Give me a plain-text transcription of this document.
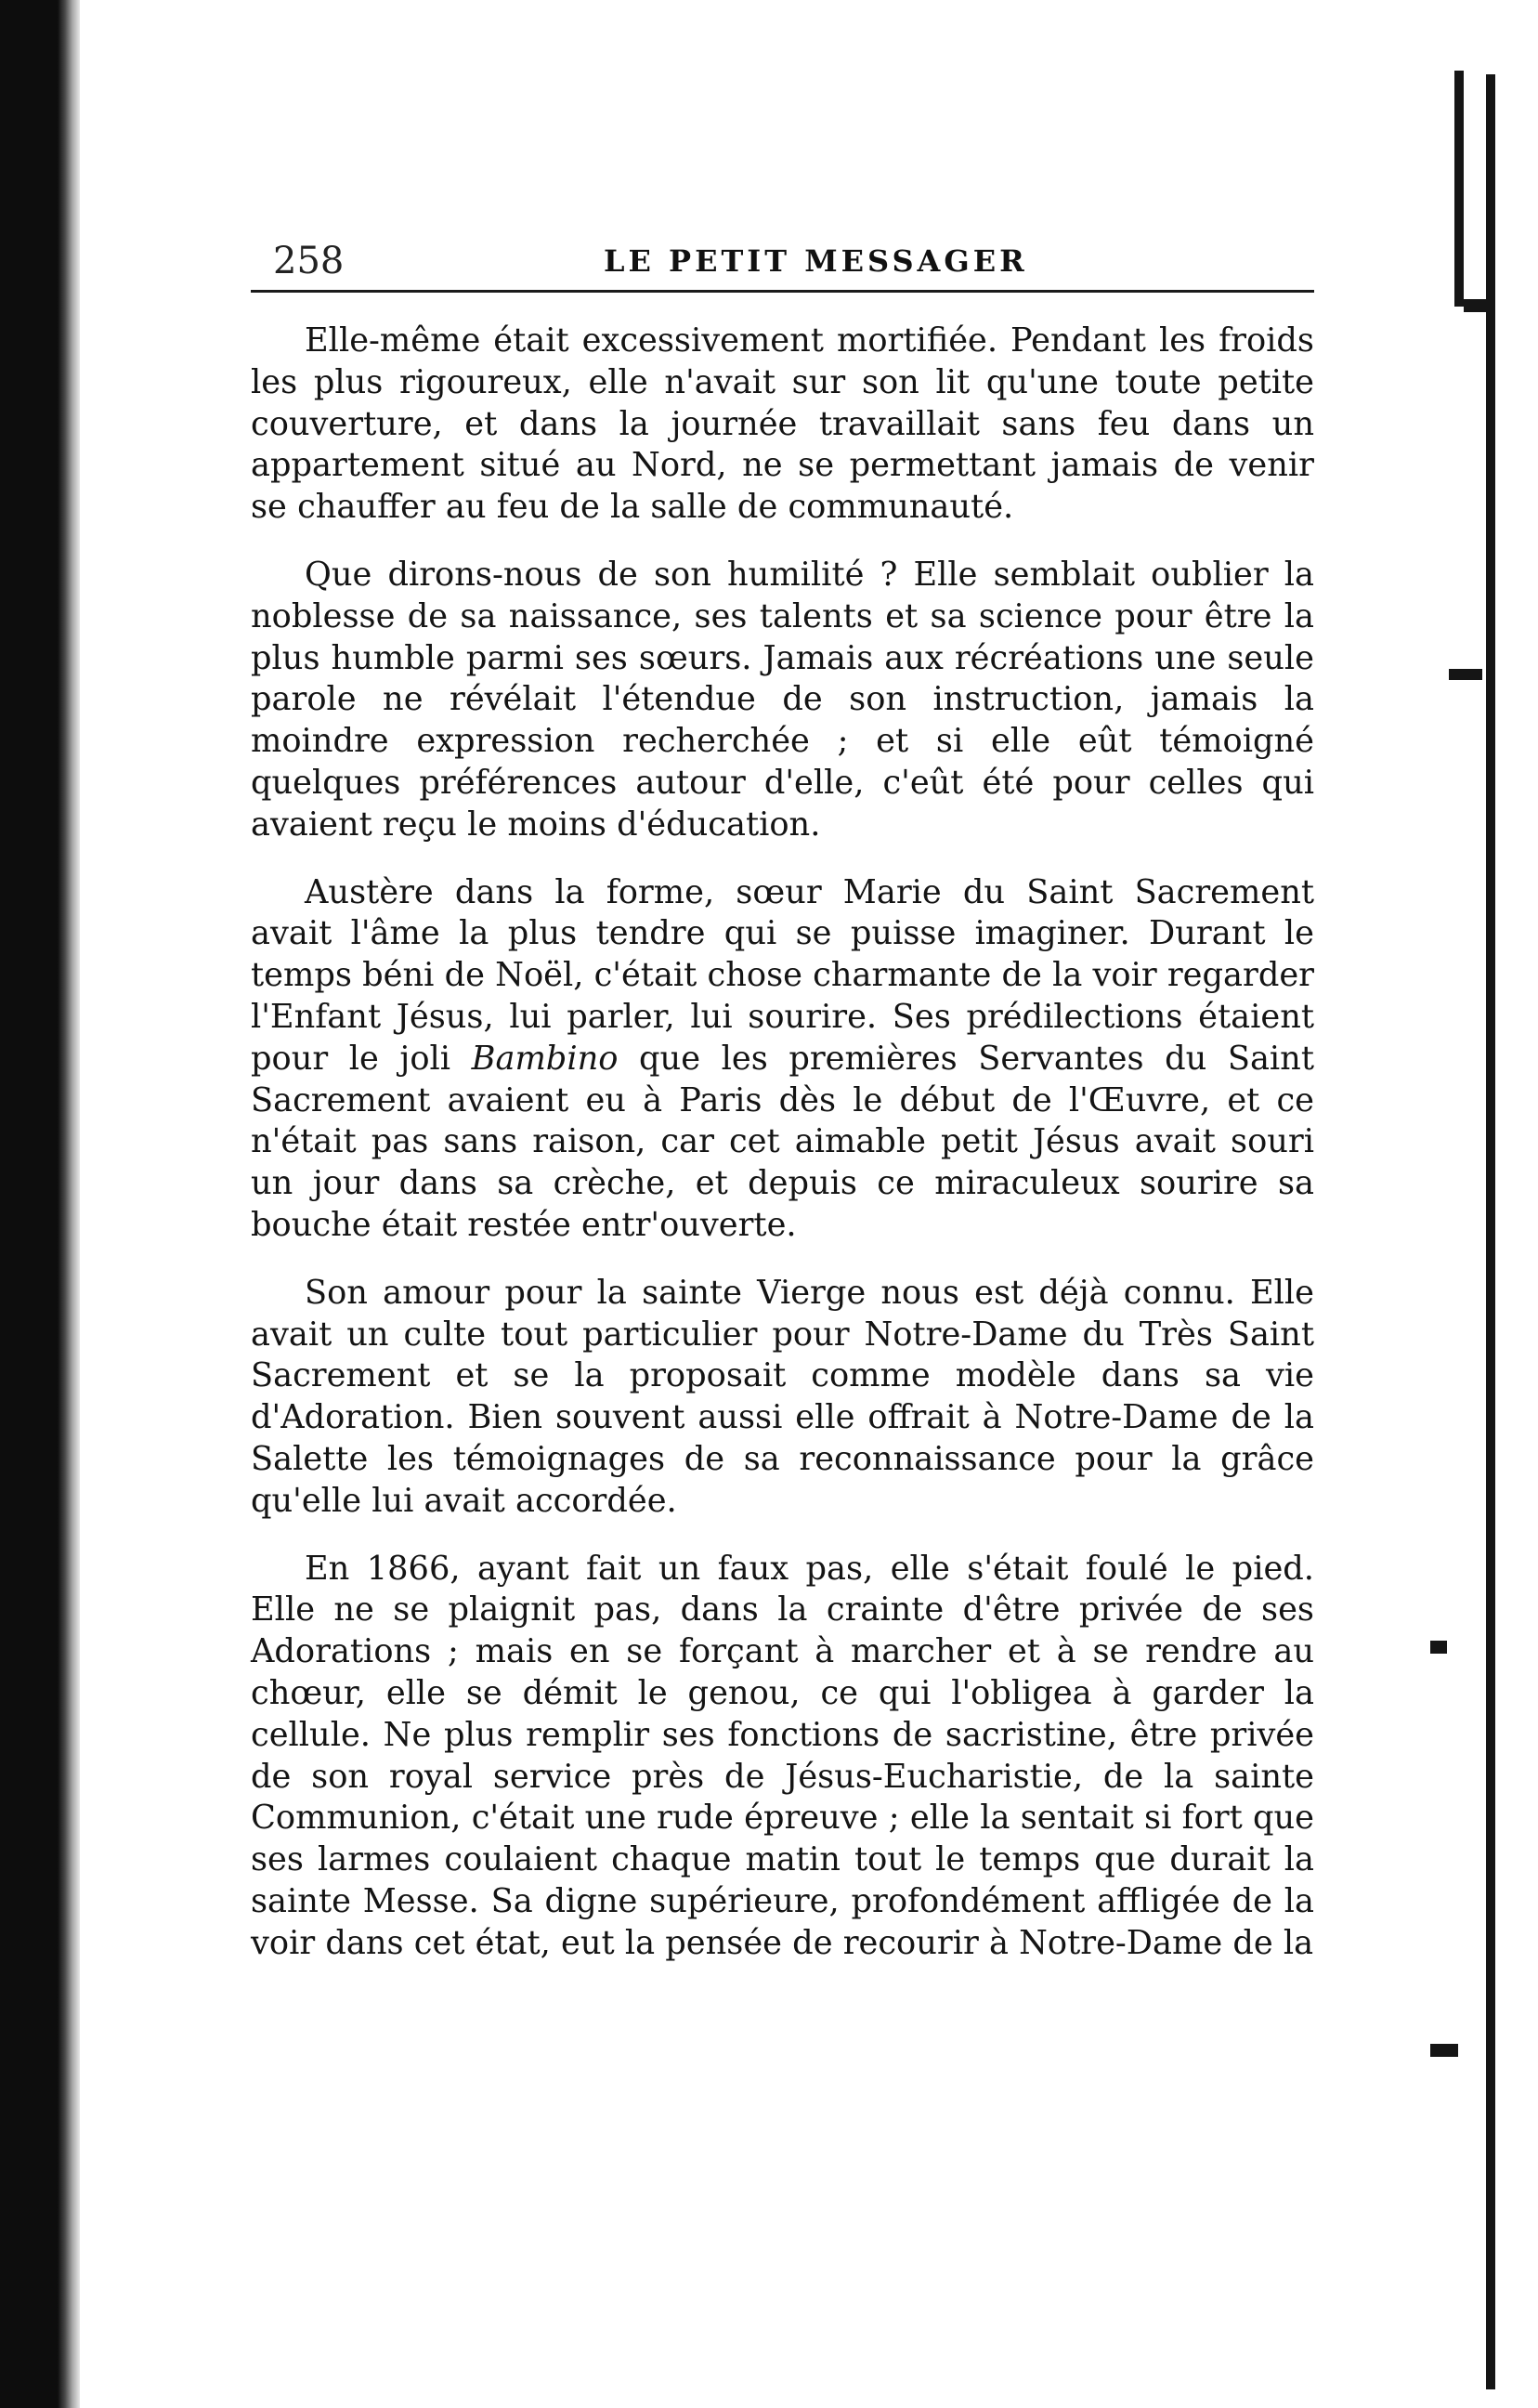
258	LE PETIT MESSAGER

Elle-même était excessivement mortifiée. Pendant les froids les plus rigoureux, elle n'avait sur son lit qu'une toute petite couverture, et dans la journée travaillait sans feu dans un appartement situé au Nord, ne se permettant jamais de venir se chauffer au feu de la salle de communauté.

Que dirons-nous de son humilité ? Elle semblait oublier la noblesse de sa naissance, ses talents et sa science pour être la plus humble parmi ses sœurs. Jamais aux récréations une seule parole ne révélait l'étendue de son instruction, jamais la moindre expression recherchée ; et si elle eût témoigné quelques préférences autour d'elle, c'eût été pour celles qui avaient reçu le moins d'éducation.

Austère dans la forme, sœur Marie du Saint Sacrement avait l'âme la plus tendre qui se puisse imaginer. Durant le temps béni de Noël, c'était chose charmante de la voir regarder l'Enfant Jésus, lui parler, lui sourire. Ses prédilections étaient pour le joli Bambino que les premières Servantes du Saint Sacrement avaient eu à Paris dès le début de l'Œuvre, et ce n'était pas sans raison, car cet aimable petit Jésus avait souri un jour dans sa crèche, et depuis ce miraculeux sourire sa bouche était restée entr'ouverte.

Son amour pour la sainte Vierge nous est déjà connu. Elle avait un culte tout particulier pour Notre-Dame du Très Saint Sacrement et se la proposait comme modèle dans sa vie d'Adoration. Bien souvent aussi elle offrait à Notre-Dame de la Salette les témoignages de sa reconnaissance pour la grâce qu'elle lui avait accordée.

En 1866, ayant fait un faux pas, elle s'était foulé le pied. Elle ne se plaignit pas, dans la crainte d'être privée de ses Adorations ; mais en se forçant à marcher et à se rendre au chœur, elle se démit le genou, ce qui l'obligea à garder la cellule. Ne plus remplir ses fonctions de sacristine, être privée de son royal service près de Jésus-Eucharistie, de la sainte Communion, c'était une rude épreuve ; elle la sentait si fort que ses larmes coulaient chaque matin tout le temps que durait la sainte Messe. Sa digne supérieure, profondément affligée de la voir dans cet état, eut la pensée de recourir à Notre-Dame de la
